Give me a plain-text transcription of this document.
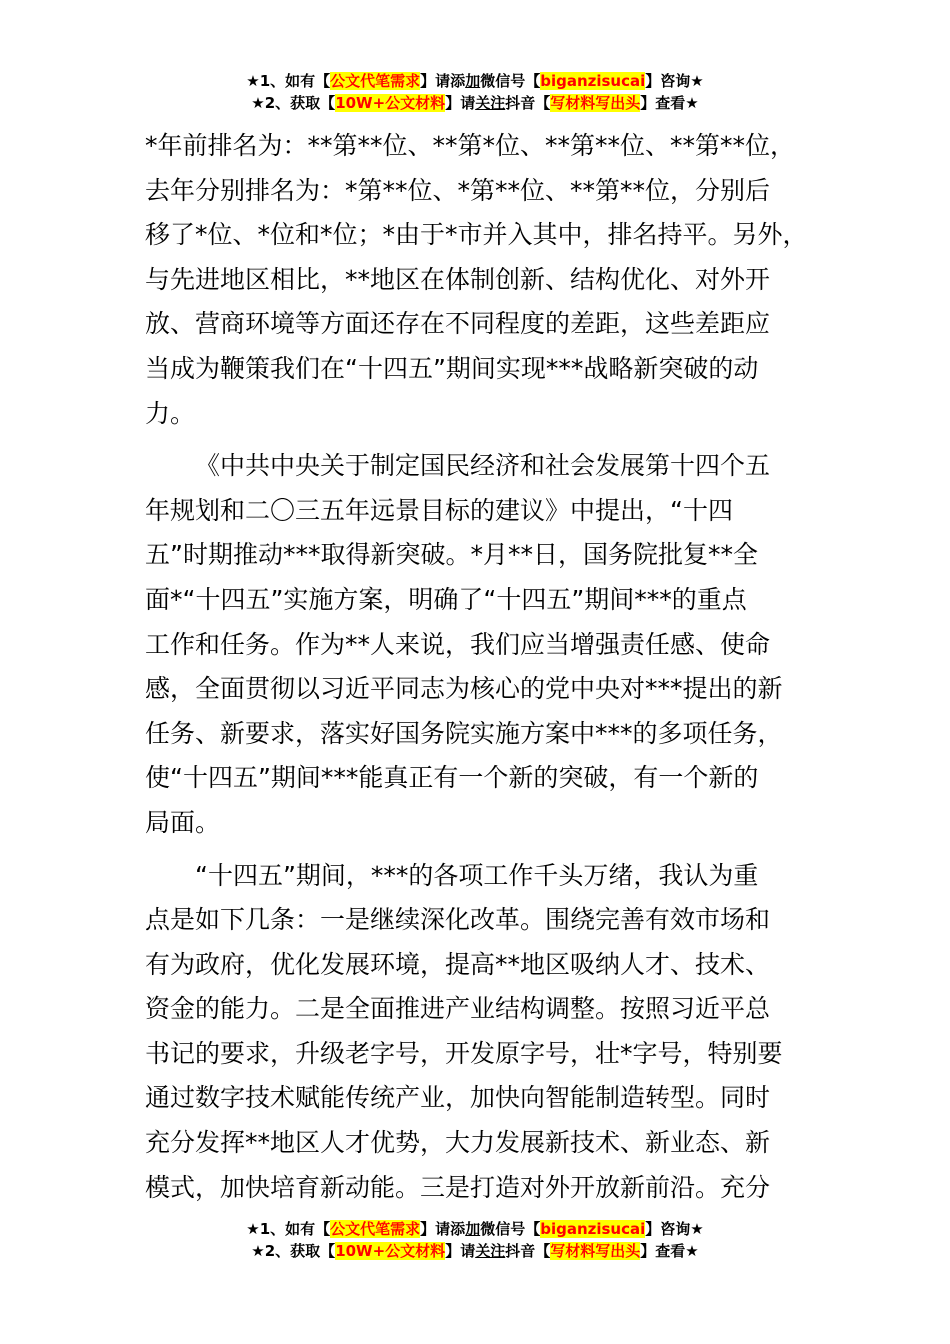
★1、如有【公文代笔需求】请添加微信号【biganzisucai】咨询★
★2、获取【10W+公文材料】请关注抖音【写材料写出头】查看★

*年前排名为：**第**位、**第*位、**第**位、**第**位，
去年分别排名为：*第**位、*第**位、**第**位，分别后
移了*位、*位和*位；*由于*市并入其中，排名持平。另外，
与先进地区相比，**地区在体制创新、结构优化、对外开
放、营商环境等方面还存在不同程度的差距，这些差距应
当成为鞭策我们在“十四五”期间实现***战略新突破的动
力。

《中共中央关于制定国民经济和社会发展第十四个五
年规划和二〇三五年远景目标的建议》中提出，“十四
五”时期推动***取得新突破。*月**日，国务院批复**全
面*“十四五”实施方案，明确了“十四五”期间***的重点
工作和任务。作为**人来说，我们应当增强责任感、使命
感，全面贯彻以习近平同志为核心的党中央对***提出的新
任务、新要求，落实好国务院实施方案中***的多项任务，
使“十四五”期间***能真正有一个新的突破，有一个新的
局面。

“十四五”期间，***的各项工作千头万绪，我认为重
点是如下几条：一是继续深化改革。围绕完善有效市场和
有为政府，优化发展环境，提高**地区吸纳人才、技术、
资金的能力。二是全面推进产业结构调整。按照习近平总
书记的要求，升级老字号，开发原字号，壮*字号，特别要
通过数字技术赋能传统产业，加快向智能制造转型。同时
充分发挥**地区人才优势，大力发展新技术、新业态、新
模式，加快培育新动能。三是打造对外开放新前沿。充分

★1、如有【公文代笔需求】请添加微信号【biganzisucai】咨询★
★2、获取【10W+公文材料】请关注抖音【写材料写出头】查看★
